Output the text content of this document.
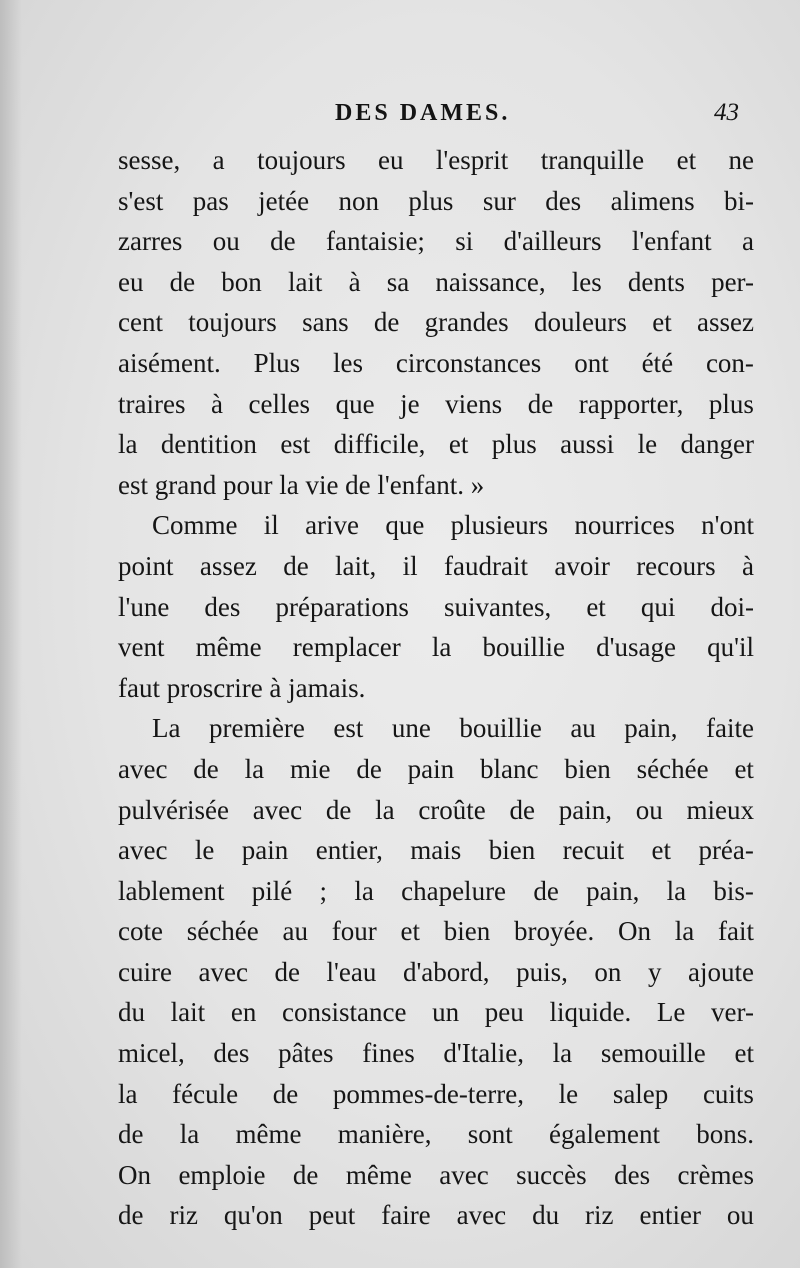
DES DAMES.	43
sesse, a toujours eu l'esprit tranquille et ne
s'est pas jetée non plus sur des alimens bi-
zarres ou de fantaisie; si d'ailleurs l'enfant a
eu de bon lait à sa naissance, les dents per-
cent toujours sans de grandes douleurs et assez
aisément. Plus les circonstances ont été con-
traires à celles que je viens de rapporter, plus
la dentition est difficile, et plus aussi le danger
est grand pour la vie de l'enfant. »
Comme il arive que plusieurs nourrices n'ont
point assez de lait, il faudrait avoir recours à
l'une des préparations suivantes, et qui doi-
vent même remplacer la bouillie d'usage qu'il
faut proscrire à jamais.
La première est une bouillie au pain, faite
avec de la mie de pain blanc bien séchée et
pulvérisée avec de la croûte de pain, ou mieux
avec le pain entier, mais bien recuit et préa-
lablement pilé ; la chapelure de pain, la bis-
cote séchée au four et bien broyée. On la fait
cuire avec de l'eau d'abord, puis, on y ajoute
du lait en consistance un peu liquide. Le ver-
micel, des pâtes fines d'Italie, la semouille et
la fécule de pommes-de-terre, le salep cuits
de la même manière, sont également bons.
On emploie de même avec succès des crèmes
de riz qu'on peut faire avec du riz entier ou
